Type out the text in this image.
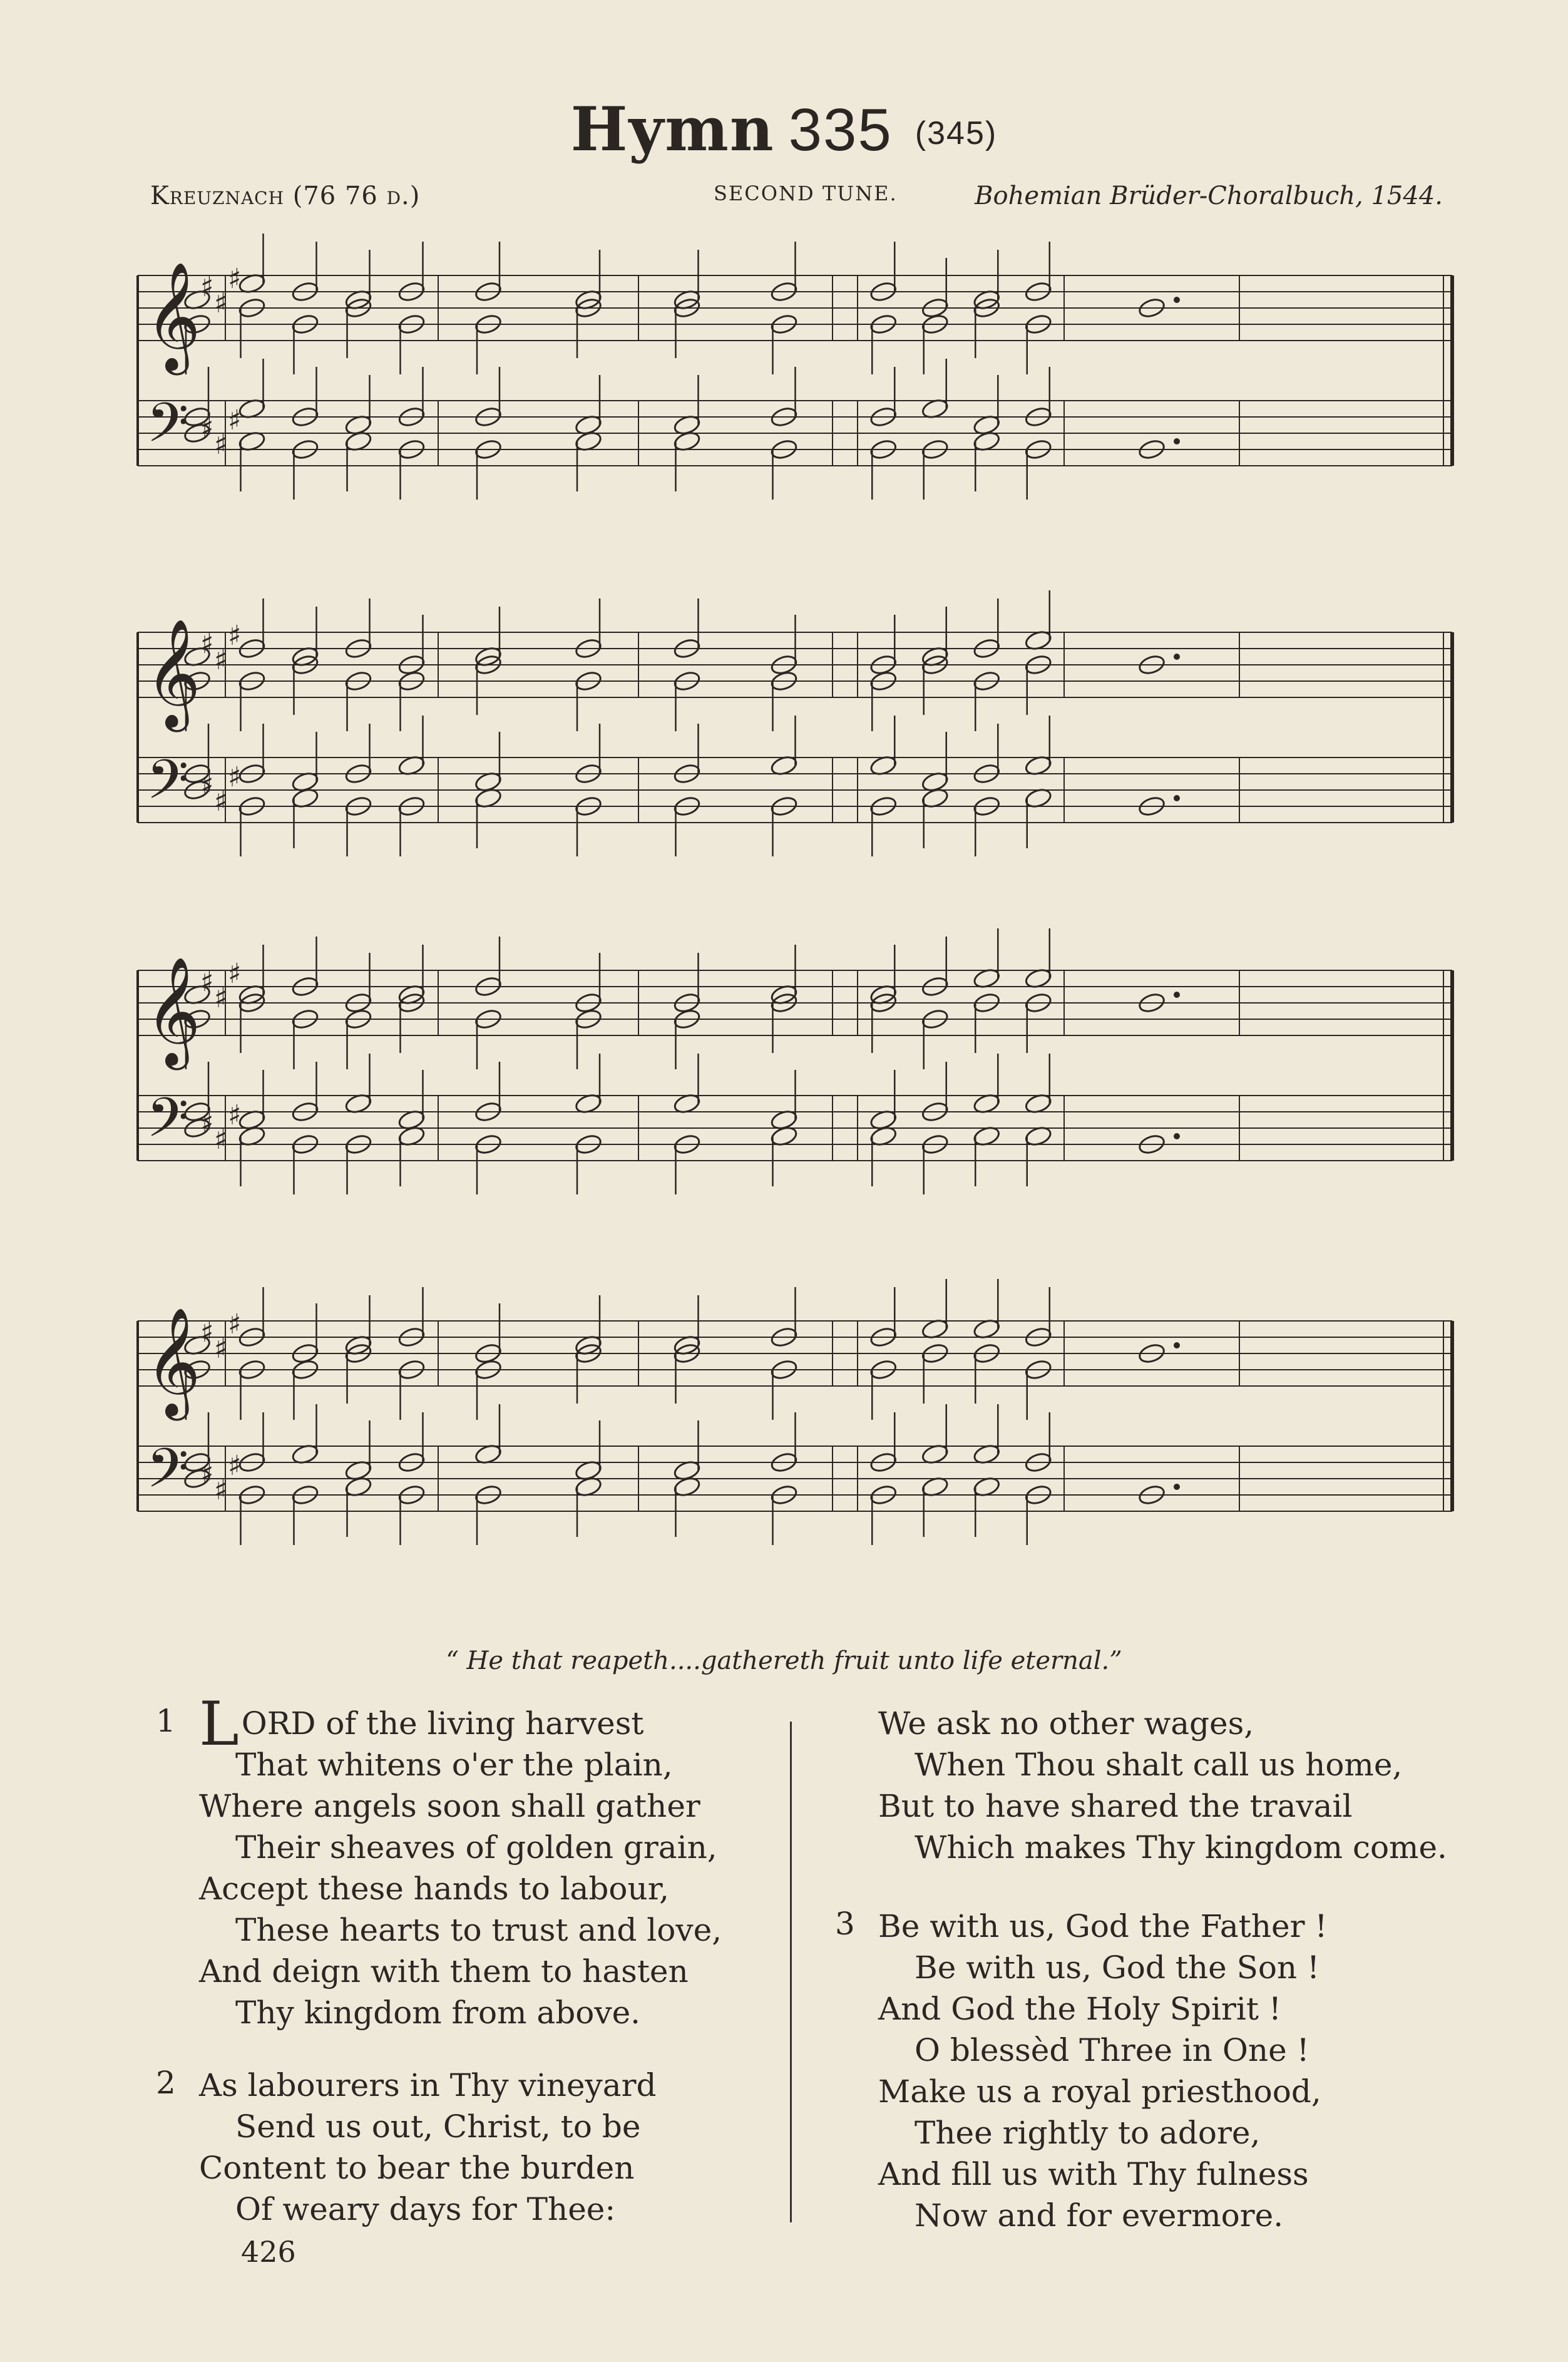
Hymn 335 (345)
Kreuznach (76 76 d.)	SECOND TUNE.	Bohemian Brüder-Choralbuch, 1544.
𝄞
𝄢
♯
♯
♯
♯
♯
♯
𝄞
𝄢
♯
♯
♯
♯
♯
♯
𝄞
𝄢
♯
♯
♯
♯
♯
♯
𝄞
𝄢
♯
♯
♯
♯
♯
♯
“ He that reapeth....gathereth fruit unto life eternal.”
1 LORD of the living harvest
That whitens o'er the plain,
Where angels soon shall gather
Their sheaves of golden grain,
Accept these hands to labour,
These hearts to trust and love,
And deign with them to hasten
Thy kingdom from above.
2 As labourers in Thy vineyard
Send us out, Christ, to be
Content to bear the burden
Of weary days for Thee:
We ask no other wages,
When Thou shalt call us home,
But to have shared the travail
Which makes Thy kingdom come.
3 Be with us, God the Father !
Be with us, God the Son !
And God the Holy Spirit !
O blessèd Three in One !
Make us a royal priesthood,
Thee rightly to adore,
And fill us with Thy fulness
Now and for evermore.
426
